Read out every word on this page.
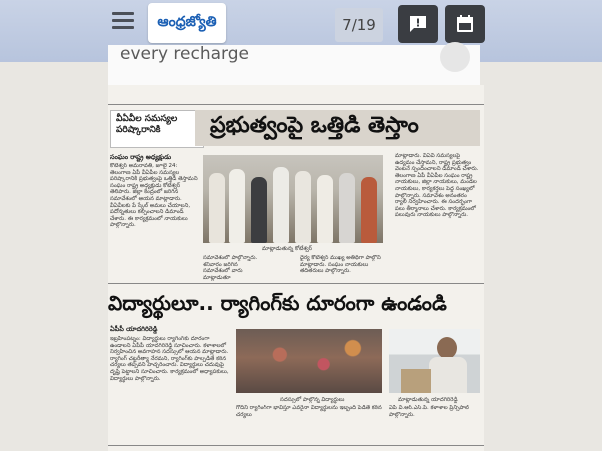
ఆంధ్రజ్యోతి	7/19
every recharge

వీఏవీల సమస్యల పరిష్కారానికి	ప్రభుత్వంపై ఒత్తిడి తెస్తాం
సంఘం రాష్ట్ర అధ్యక్షుడు
కోటేశ్వర్ అమరావతి, జూలై 24: తెలంగాణ ఏపీ వీఏపీల సమస్యల పరిష్కారానికి ప్రభుత్వంపై ఒత్తిడి తెస్తామని సంఘం రాష్ట్ర అధ్యక్షుడు కోటేశ్వర్ తెలిపారు. జిల్లా కేంద్రంలో జరిగిన సమావేశంలో ఆయన మాట్లాడారు. వీఏవీలకు పే స్కేల్ అమలు చేయాలని, పదోన్నతులు కల్పించాలని డిమాండ్ చేశారు. ఈ కార్యక్రమంలో నాయకులు పాల్గొన్నారు.
మాట్లాడుతున్న కోటేశ్వర్
సమావేశంలో పాల్గొన్నారు. శనివారం జరిగిన సమావేశంలో వారు మాట్లాడుతూ
ధైర్య కోటేశ్వర్ ముఖ్య అతిథిగా పాల్గొని మాట్లాడారు. సంఘం నాయకులు తదితరులు పాల్గొన్నారు.
మాట్లాడారు. వీఏవీ సమస్యలపై ఉద్యమం చేస్తామని, రాష్ట్ర ప్రభుత్వం వెంటనే స్పందించాలని డిమాండ్ చేశారు. తెలంగాణ ఏపీ వీఏపీల సంఘం రాష్ట్ర నాయకులు, జిల్లా నాయకులు, మండల నాయకులు, కార్యకర్తలు పెద్ద సంఖ్యలో పాల్గొన్నారు. సమావేశం అనంతరం ర్యాలీ నిర్వహించారు. ఈ సందర్భంగా పలు తీర్మానాలు చేశారు. కార్యక్రమంలో పలువురు నాయకులు పాల్గొన్నారు.
విద్యార్థులూ.. ర్యాగింగ్‌కు దూరంగా ఉండండి
ఏపీపీ యాదగిరిరెడ్డి
ఇబ్రహీంపట్నం: విద్యార్థులు ర్యాగింగ్‌కు దూరంగా ఉండాలని ఏపీపీ యాదగిరిరెడ్డి సూచించారు. కళాశాలలో నిర్వహించిన అవగాహన సదస్సులో ఆయన మాట్లాడారు. ర్యాగింగ్ చట్టరీత్యా నేరమని, ర్యాగింగ్‌కు పాల్పడితే కఠిన చర్యలు తప్పవని హెచ్చరించారు. విద్యార్థులు చదువుపై దృష్టి పెట్టాలని సూచించారు. కార్యక్రమంలో అధ్యాపకులు, విద్యార్థులు పాల్గొన్నారు.
సదస్సులో పాల్గొన్న విద్యార్థులు	మాట్లాడుతున్న యాదగిరిరెడ్డి
గోదిని ర్యాగింగ్‌గా భావిస్తూ ఎవరైనా విద్యార్థులను ఇబ్బంది పెడితే కఠిన చర్యలు
ఏపీ వి.ఆర్.ఎస్.పి. కళాశాల ప్రిన్సిపాల్ పాల్గొన్నారు.
